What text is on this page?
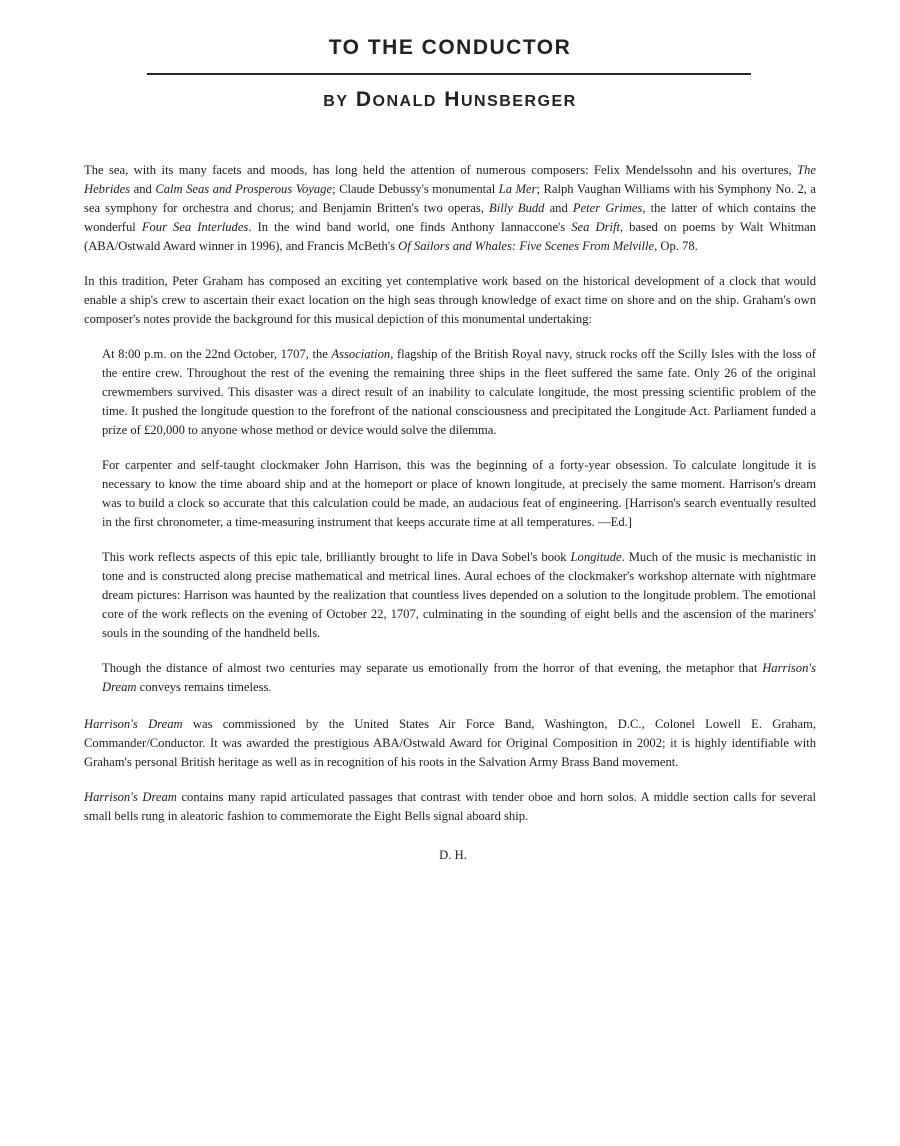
TO THE CONDUCTOR
BY DONALD HUNSBERGER

The sea, with its many facets and moods, has long held the attention of numerous composers: Felix Mendelssohn and his overtures, The Hebrides and Calm Seas and Prosperous Voyage; Claude Debussy's monumental La Mer; Ralph Vaughan Williams with his Symphony No. 2, a sea symphony for orchestra and chorus; and Benjamin Britten's two operas, Billy Budd and Peter Grimes, the latter of which contains the wonderful Four Sea Interludes. In the wind band world, one finds Anthony Iannaccone's Sea Drift, based on poems by Walt Whitman (ABA/Ostwald Award winner in 1996), and Francis McBeth's Of Sailors and Whales: Five Scenes From Melville, Op. 78.

In this tradition, Peter Graham has composed an exciting yet contemplative work based on the historical development of a clock that would enable a ship's crew to ascertain their exact location on the high seas through knowledge of exact time on shore and on the ship. Graham's own composer's notes provide the background for this musical depiction of this monumental undertaking:

At 8:00 p.m. on the 22nd October, 1707, the Association, flagship of the British Royal navy, struck rocks off the Scilly Isles with the loss of the entire crew. Throughout the rest of the evening the remaining three ships in the fleet suffered the same fate. Only 26 of the original crewmembers survived. This disaster was a direct result of an inability to calculate longitude, the most pressing scientific problem of the time. It pushed the longitude question to the forefront of the national consciousness and precipitated the Longitude Act. Parliament funded a prize of £20,000 to anyone whose method or device would solve the dilemma.

For carpenter and self-taught clockmaker John Harrison, this was the beginning of a forty-year obsession. To calculate longitude it is necessary to know the time aboard ship and at the homeport or place of known longitude, at precisely the same moment. Harrison's dream was to build a clock so accurate that this calculation could be made, an audacious feat of engineering. [Harrison's search eventually resulted in the first chronometer, a time-measuring instrument that keeps accurate time at all temperatures. —Ed.]

This work reflects aspects of this epic tale, brilliantly brought to life in Dava Sobel's book Longitude. Much of the music is mechanistic in tone and is constructed along precise mathematical and metrical lines. Aural echoes of the clockmaker's workshop alternate with nightmare dream pictures: Harrison was haunted by the realization that countless lives depended on a solution to the longitude problem. The emotional core of the work reflects on the evening of October 22, 1707, culminating in the sounding of eight bells and the ascension of the mariners' souls in the sounding of the handheld bells.

Though the distance of almost two centuries may separate us emotionally from the horror of that evening, the metaphor that Harrison's Dream conveys remains timeless.

Harrison's Dream was commissioned by the United States Air Force Band, Washington, D.C., Colonel Lowell E. Graham, Commander/Conductor. It was awarded the prestigious ABA/Ostwald Award for Original Composition in 2002; it is highly identifiable with Graham's personal British heritage as well as in recognition of his roots in the Salvation Army Brass Band movement.

Harrison's Dream contains many rapid articulated passages that contrast with tender oboe and horn solos. A middle section calls for several small bells rung in aleatoric fashion to commemorate the Eight Bells signal aboard ship.

D. H.
